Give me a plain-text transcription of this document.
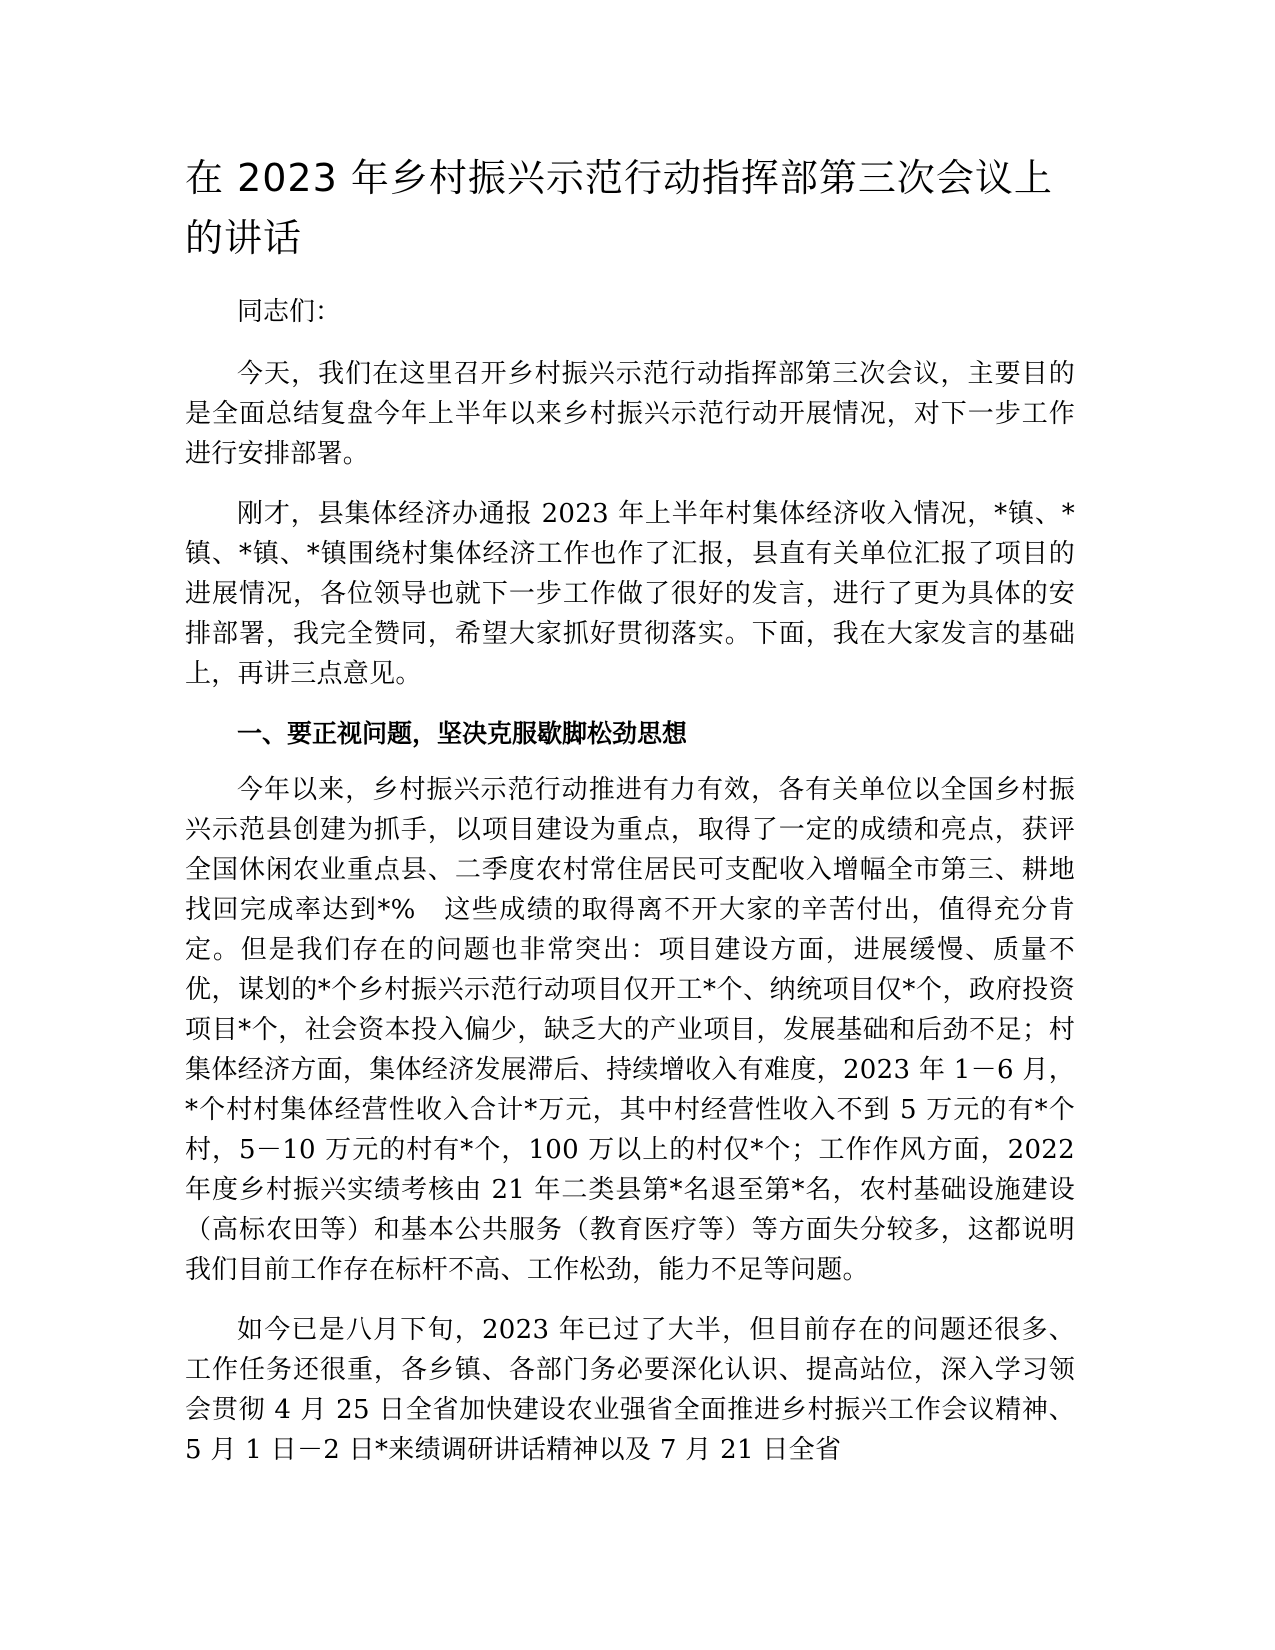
在 2023 年乡村振兴示范行动指挥部第三次会议上的讲话

同志们：

今天，我们在这里召开乡村振兴示范行动指挥部第三次会议，主要目的是全面总结复盘今年上半年以来乡村振兴示范行动开展情况，对下一步工作进行安排部署。

刚才，县集体经济办通报 2023 年上半年村集体经济收入情况，*镇、*镇、*镇、*镇围绕村集体经济工作也作了汇报，县直有关单位汇报了项目的进展情况，各位领导也就下一步工作做了很好的发言，进行了更为具体的安排部署，我完全赞同，希望大家抓好贯彻落实。下面，我在大家发言的基础上，再讲三点意见。

一、要正视问题，坚决克服歇脚松劲思想

今年以来，乡村振兴示范行动推进有力有效，各有关单位以全国乡村振兴示范县创建为抓手，以项目建设为重点，取得了一定的成绩和亮点，获评全国休闲农业重点县、二季度农村常住居民可支配收入增幅全市第三、耕地找回完成率达到*%　这些成绩的取得离不开大家的辛苦付出，值得充分肯定。但是我们存在的问题也非常突出：项目建设方面，进展缓慢、质量不优，谋划的*个乡村振兴示范行动项目仅开工*个、纳统项目仅*个，政府投资项目*个，社会资本投入偏少，缺乏大的产业项目，发展基础和后劲不足；村集体经济方面，集体经济发展滞后、持续增收入有难度，2023 年 1－6 月，*个村村集体经营性收入合计*万元，其中村经营性收入不到 5 万元的有*个村，5－10 万元的村有*个，100 万以上的村仅*个；工作作风方面，2022 年度乡村振兴实绩考核由 21 年二类县第*名退至第*名，农村基础设施建设（高标农田等）和基本公共服务（教育医疗等）等方面失分较多，这都说明我们目前工作存在标杆不高、工作松劲，能力不足等问题。

如今已是八月下旬，2023 年已过了大半，但目前存在的问题还很多、工作任务还很重，各乡镇、各部门务必要深化认识、提高站位，深入学习领会贯彻 4 月 25 日全省加快建设农业强省全面推进乡村振兴工作会议精神、5 月 1 日－2 日*来绩调研讲话精神以及 7 月 21 日全省
